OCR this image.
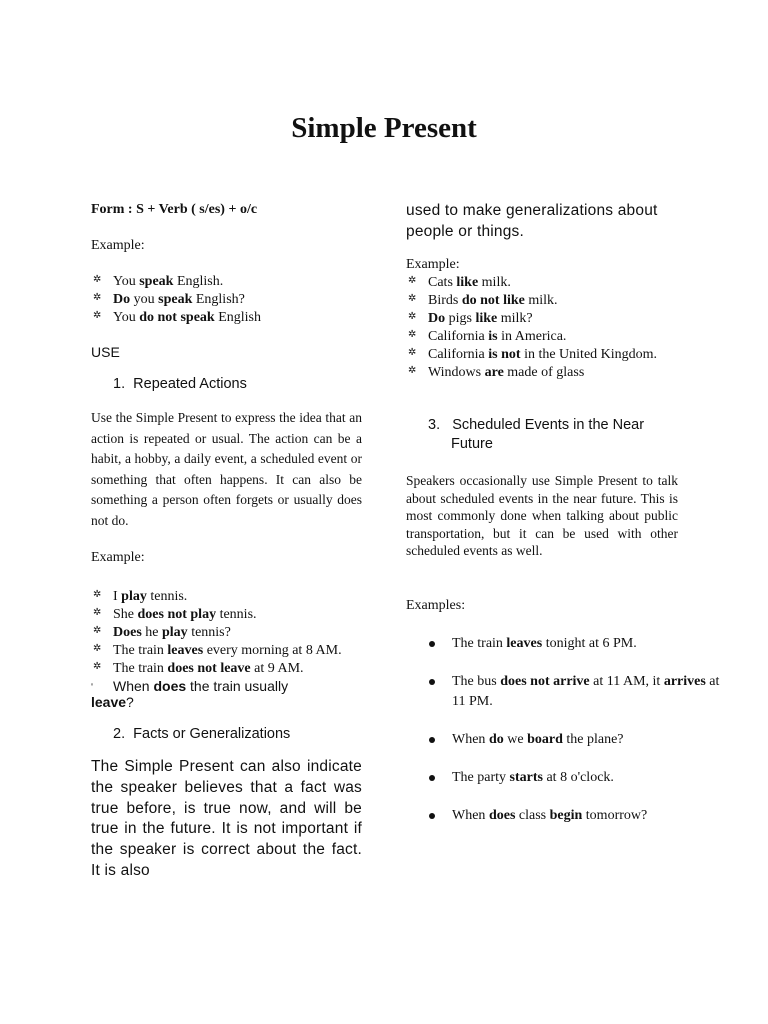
Simple Present
Form : S + Verb ( s/es) + o/c
Example:
✲ You speak English.
✲ Do you speak English?
✲ You do not speak English
USE
1. Repeated Actions

Use the Simple Present to express the idea that an action is repeated or usual. The action can be a habit, a hobby, a daily event, a scheduled event or something that often happens. It can also be something a person often forgets or usually does not do.

Example:
✲ I play tennis.
✲ She does not play tennis.
✲ Does he play tennis?
✲ The train leaves every morning at 8 AM.
✲ The train does not leave at 9 AM.
ⁿ When does the train usually
leave?
2. Facts or Generalizations

The Simple Present can also indicate the speaker believes that a fact was true before, is true now, and will be true in the future. It is not important if the speaker is correct about the fact. It is also

used to make generalizations about people or things.

Example:
✲ Cats like milk.
✲ Birds do not like milk.
✲ Do pigs like milk?
✲ California is in America.
✲ California is not in the United Kingdom.
✲ Windows are made of glass
3. Scheduled Events in the Near
Future

Speakers occasionally use Simple Present to talk about scheduled events in the near future. This is most commonly done when talking about public transportation, but it can be used with other scheduled events as well.

Examples:
The train leaves tonight at 6 PM.
The bus does not arrive at 11 AM, it arrives at 11 PM.
When do we board the plane?
The party starts at 8 o'clock.
When does class begin tomorrow?
